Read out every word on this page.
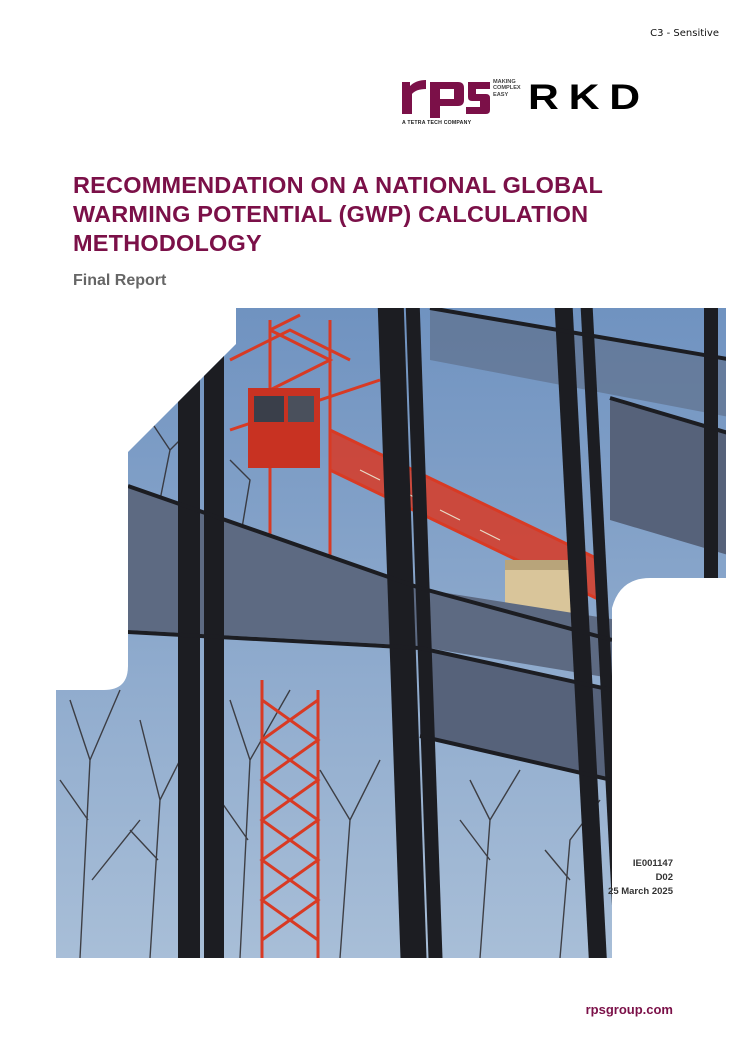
C3 - Sensitive
MAKING
COMPLEX
EASY
A TETRA TECH COMPANY
RKD
RECOMMENDATION ON A NATIONAL GLOBAL WARMING POTENTIAL (GWP) CALCULATION METHODOLOGY
Final Report
IE001147
D02
25 March 2025
rpsgroup.com
